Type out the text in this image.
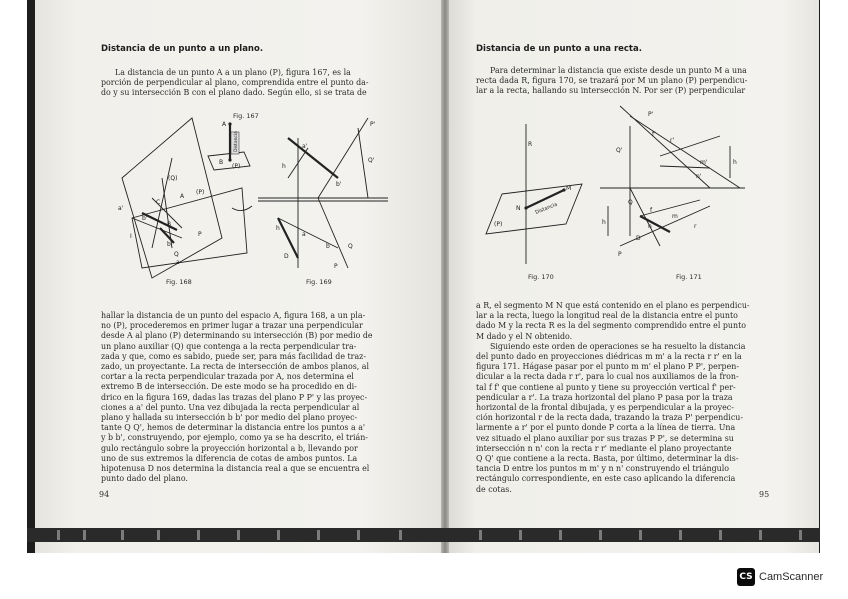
Distancia de un punto a un plano.
La distancia de un punto A a un plano (P), figura 167, es la
porción de perpendicular al plano, comprendida entre el punto da-
do y su intersección B con el plano dado. Según ello, si se trata de
A
B
Distancia
(P)
Fig. 167
A
a'
b'
B
b
a
P
Q
(Q)
(P)
C
I
Fig. 168
a'
b'
Q'
h
h
a
b
D
Q
P
P'
Fig. 169
hallar la distancia de un punto del espacio A, figura 168, a un pla-
no (P), procederemos en primer lugar a trazar una perpendicular
desde A al plano (P) determinando su intersección (B) por medio de
un plano auxiliar (Q) que contenga a la recta perpendicular tra-
zada y que, como es sabido, puede ser, para más facilidad de traz-
zado, un proyectante. La recta de intersección de ambos planos, al
cortar a la recta perpendicular trazada por A, nos determina el
extremo B de intersección. De este modo se ha procedido en di-
drico en la figura 169, dadas las trazas del plano P P' y las proyec-
ciones a a' del punto. Una vez dibujada la recta perpendicular al
plano y hallada su intersección b b' por medio del plano proyec-
tante Q Q', hemos de determinar la distancia entre los puntos a a'
y b b', construyendo, por ejemplo, como ya se ha descrito, el trián-
gulo rectángulo sobre la proyección horizontal a b, llevando por
uno de sus extremos la diferencia de cotas de ambos puntos. La
hipotenusa D nos determina la distancia real a que se encuentra el
punto dado del plano.
94
Distancia de un punto a una recta.
Para determinar la distancia que existe desde un punto M a una
recta dada R, figura 170, se trazará por M un plano (P) perpendicu-
lar a la recta, hallando su intersección N. Por ser (P) perpendicular
R
M
N
(P)
Distancia
Fig. 170
P'
r'
f'
Q'
m'
n'
h
h
f
Q
m
n
D
r
P
Fig. 171
a R, el segmento M N que está contenido en el plano es perpendicu-
lar a la recta, luego la longitud real de la distancia entre el punto
dado M y la recta R es la del segmento comprendido entre el punto
M dado y el N obtenido.
Siguiendo este orden de operaciones se ha resuelto la distancia
del punto dado en proyecciones diédricas m m' a la recta r r' en la
figura 171. Hágase pasar por el punto m m' el plano P P', perpen-
dicular a la recta dada r r', para lo cual nos auxiliamos de la fron-
tal f f' que contiene al punto y tiene su proyección vertical f' per-
pendicular a r'. La traza horizontal del plano P pasa por la traza
horizontal de la frontal dibujada, y es perpendicular a la proyec-
ción horizontal r de la recta dada, trazando la traza P' perpendicu-
larmente a r' por el punto donde P corta a la línea de tierra. Una
vez situado el plano auxiliar por sus trazas P P', se determina su
intersección n n' con la recta r r' mediante el plano proyectante
Q Q' que contiene a la recta. Basta, por último, determinar la dis-
tancia D entre los puntos m m' y n n' construyendo el triángulo
rectángulo correspondiente, en este caso aplicando la diferencia
de cotas.
95
CS CamScanner
